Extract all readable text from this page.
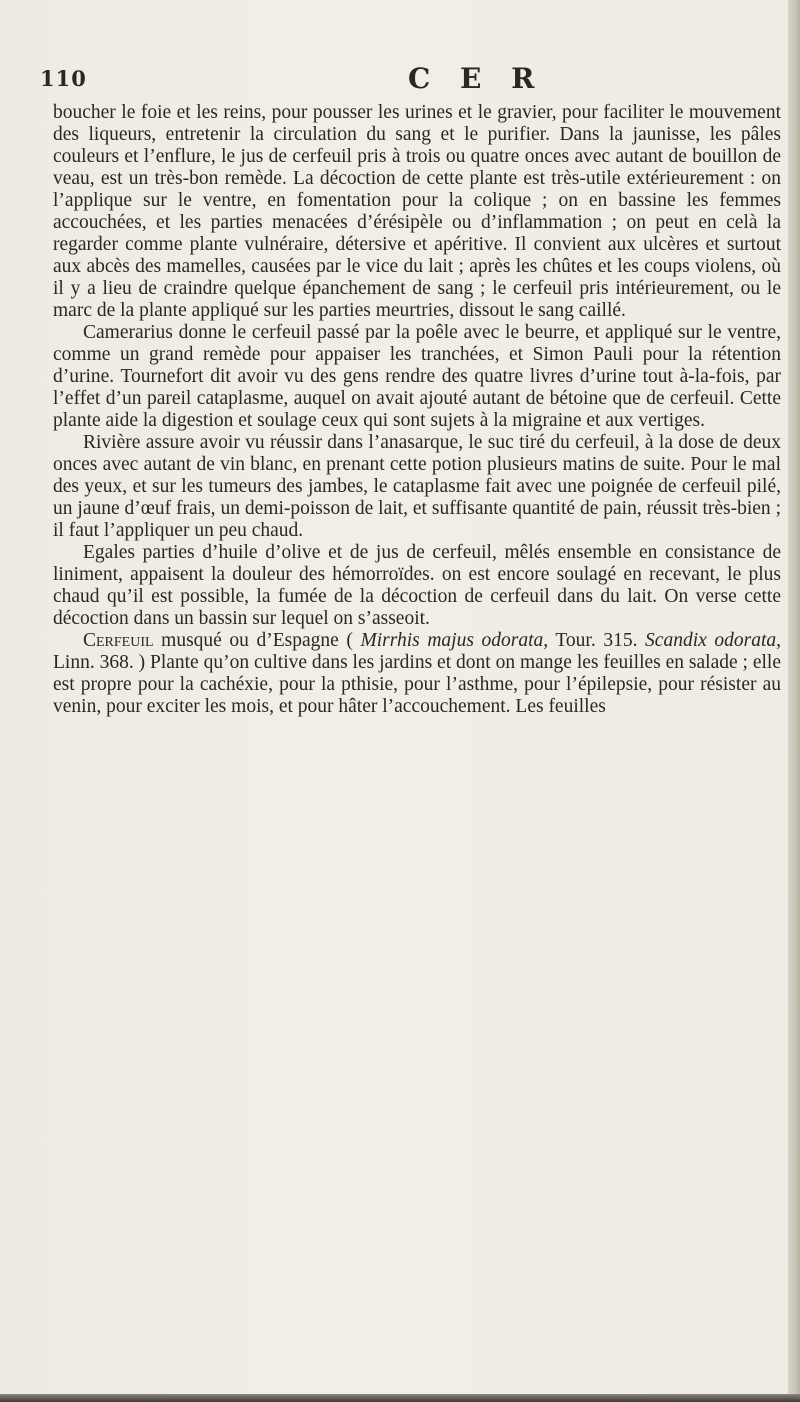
110	C E R

boucher le foie et les reins, pour pousser les urines et le gravier, pour faciliter le mouvement des liqueurs, entretenir la circulation du sang et le purifier. Dans la jaunisse, les pâles couleurs et l’enflure, le jus de cerfeuil pris à trois ou quatre onces avec autant de bouillon de veau, est un très-bon remède. La décoction de cette plante est très-utile extérieurement : on l’applique sur le ventre, en fomentation pour la colique ; on en bassine les femmes accouchées, et les parties menacées d’érésipèle ou d’inflammation ; on peut en celà la regarder comme plante vulnéraire, détersive et apéritive. Il convient aux ulcères et surtout aux abcès des mamelles, causées par le vice du lait ; après les chûtes et les coups violens, où il y a lieu de craindre quelque épanchement de sang ; le cerfeuil pris intérieurement, ou le marc de la plante appliqué sur les parties meurtries, dissout le sang caillé.

Camerarius donne le cerfeuil passé par la poêle avec le beurre, et appliqué sur le ventre, comme un grand remède pour appaiser les tranchées, et Simon Pauli pour la rétention d’urine. Tournefort dit avoir vu des gens rendre des quatre livres d’urine tout à-la-fois, par l’effet d’un pareil cataplasme, auquel on avait ajouté autant de bétoine que de cerfeuil. Cette plante aide la digestion et soulage ceux qui sont sujets à la migraine et aux vertiges.

Rivière assure avoir vu réussir dans l’anasarque, le suc tiré du cerfeuil, à la dose de deux onces avec autant de vin blanc, en prenant cette potion plusieurs matins de suite. Pour le mal des yeux, et sur les tumeurs des jambes, le cataplasme fait avec une poignée de cerfeuil pilé, un jaune d’œuf frais, un demi-poisson de lait, et suffisante quantité de pain, réussit très-bien ; il faut l’appliquer un peu chaud.

Egales parties d’huile d’olive et de jus de cerfeuil, mêlés ensemble en consistance de liniment, appaisent la douleur des hémorroïdes. on est encore soulagé en recevant, le plus chaud qu’il est possible, la fumée de la décoction de cerfeuil dans du lait. On verse cette décoction dans un bassin sur lequel on s’asseoit.

Cerfeuil musqué ou d’Espagne ( Mirrhis majus odorata, Tour. 315. Scandix odorata, Linn. 368. ) Plante qu’on cultive dans les jardins et dont on mange les feuilles en salade ; elle est propre pour la cachéxie, pour la pthisie, pour l’asthme, pour l’épilepsie, pour résister au venin, pour exciter les mois, et pour hâter l’accouchement. Les feuilles
